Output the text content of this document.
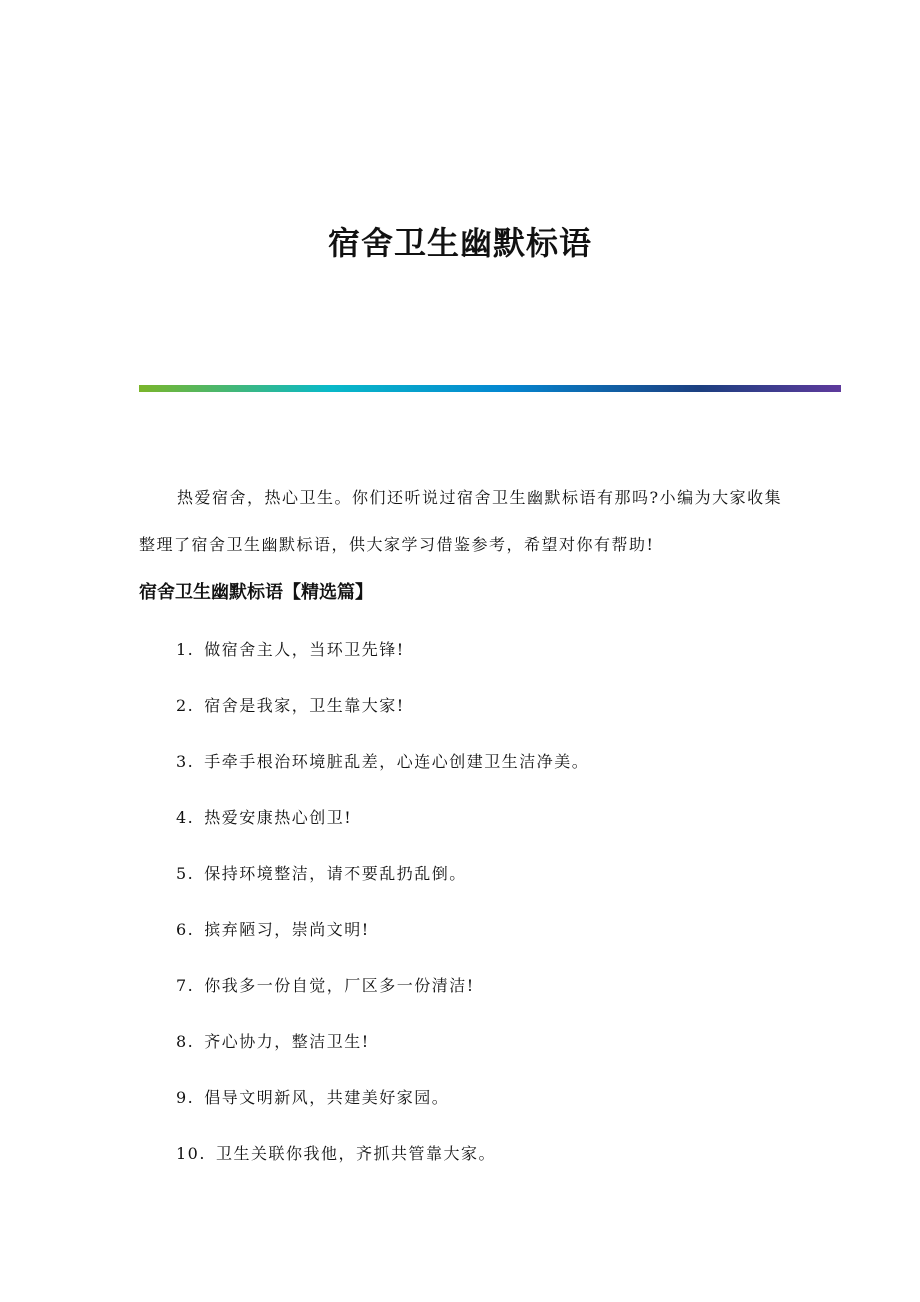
宿舍卫生幽默标语
热爱宿舍，热心卫生。你们还听说过宿舍卫生幽默标语有那吗?小编为大家收集整理了宿舍卫生幽默标语，供大家学习借鉴参考，希望对你有帮助!
宿舍卫生幽默标语【精选篇】
1. 做宿舍主人，当环卫先锋!
2. 宿舍是我家，卫生靠大家!
3. 手牵手根治环境脏乱差，心连心创建卫生洁净美。
4. 热爱安康热心创卫!
5. 保持环境整洁，请不要乱扔乱倒。
6. 摈弃陋习，崇尚文明!
7. 你我多一份自觉，厂区多一份清洁!
8. 齐心协力，整洁卫生!
9. 倡导文明新风，共建美好家园。
10. 卫生关联你我他，齐抓共管靠大家。
